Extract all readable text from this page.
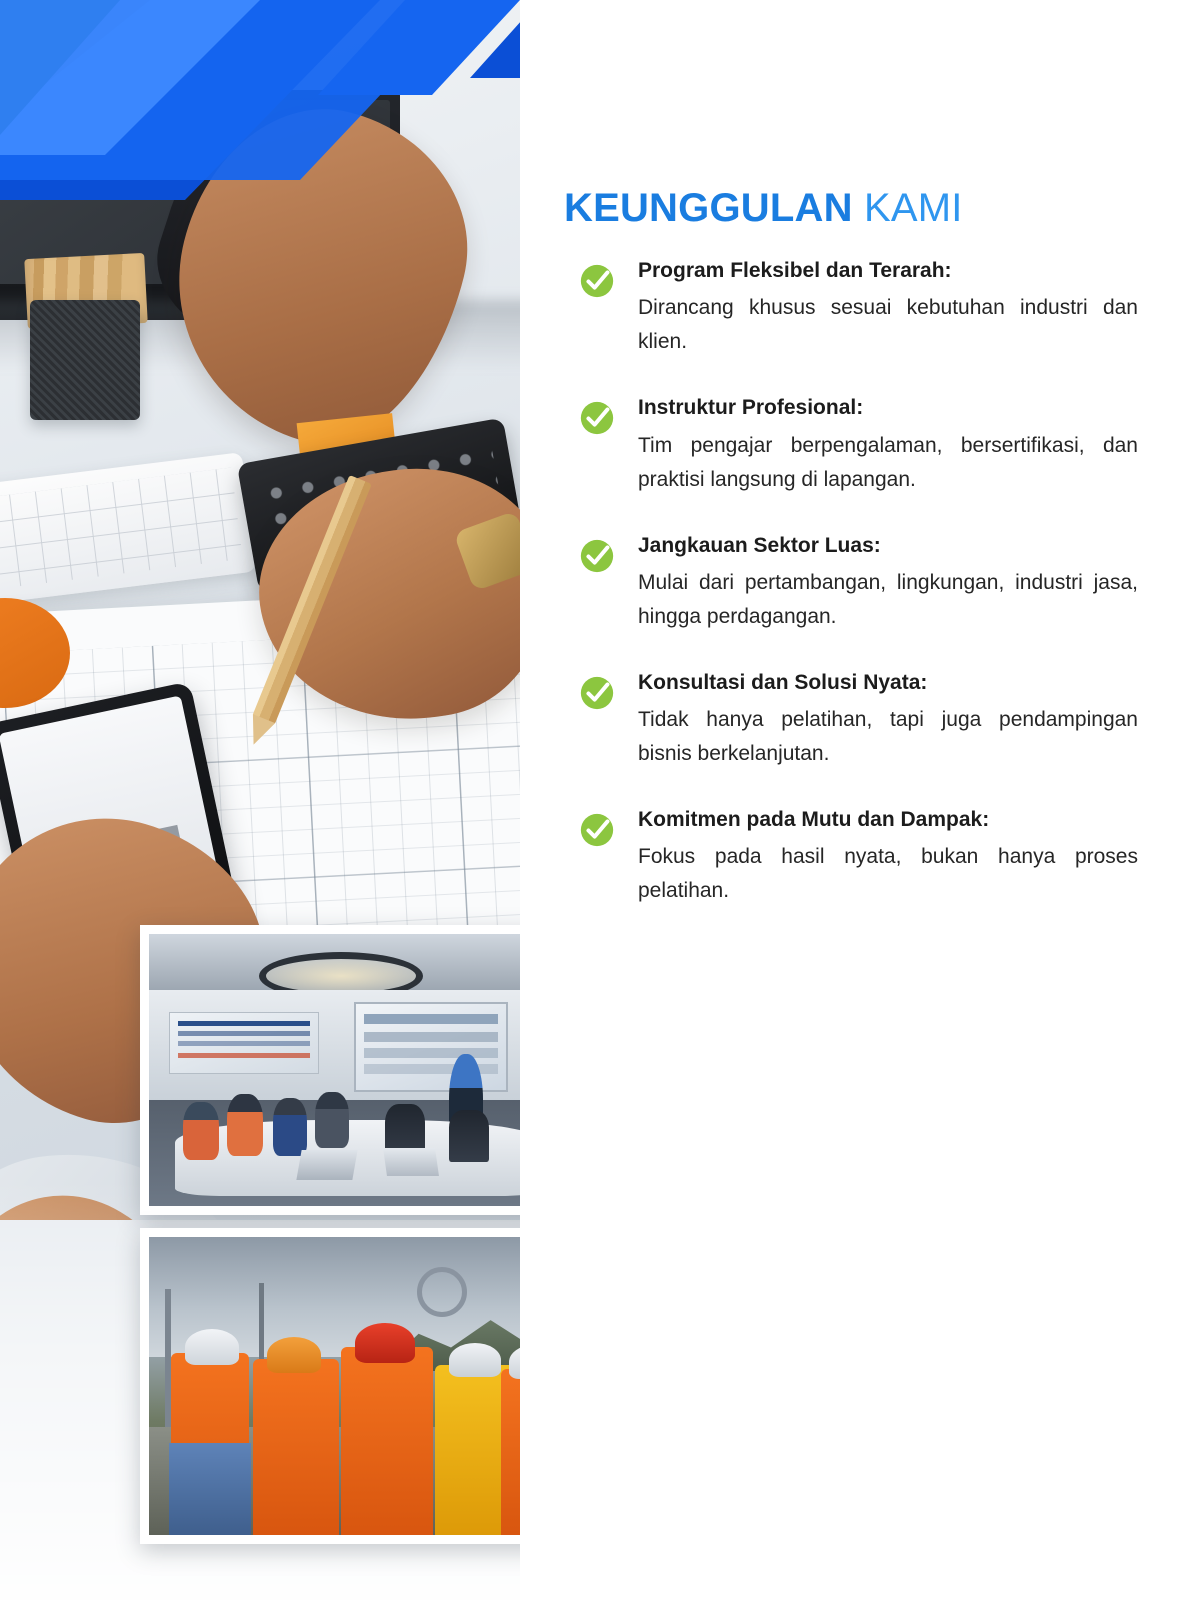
KEUNGGULAN KAMI

Program Fleksibel dan Terarah:

Dirancang khusus sesuai kebutuhan industri dan klien.

Instruktur Profesional:

Tim pengajar berpengalaman, bersertifikasi, dan praktisi langsung di lapangan.

Jangkauan Sektor Luas:

Mulai dari pertambangan, lingkungan, industri jasa, hingga perdagangan.

Konsultasi dan Solusi Nyata:

Tidak hanya pelatihan, tapi juga pendampingan bisnis berkelanjutan.

Komitmen pada Mutu dan Dampak:

Fokus pada hasil nyata, bukan hanya proses pelatihan.
